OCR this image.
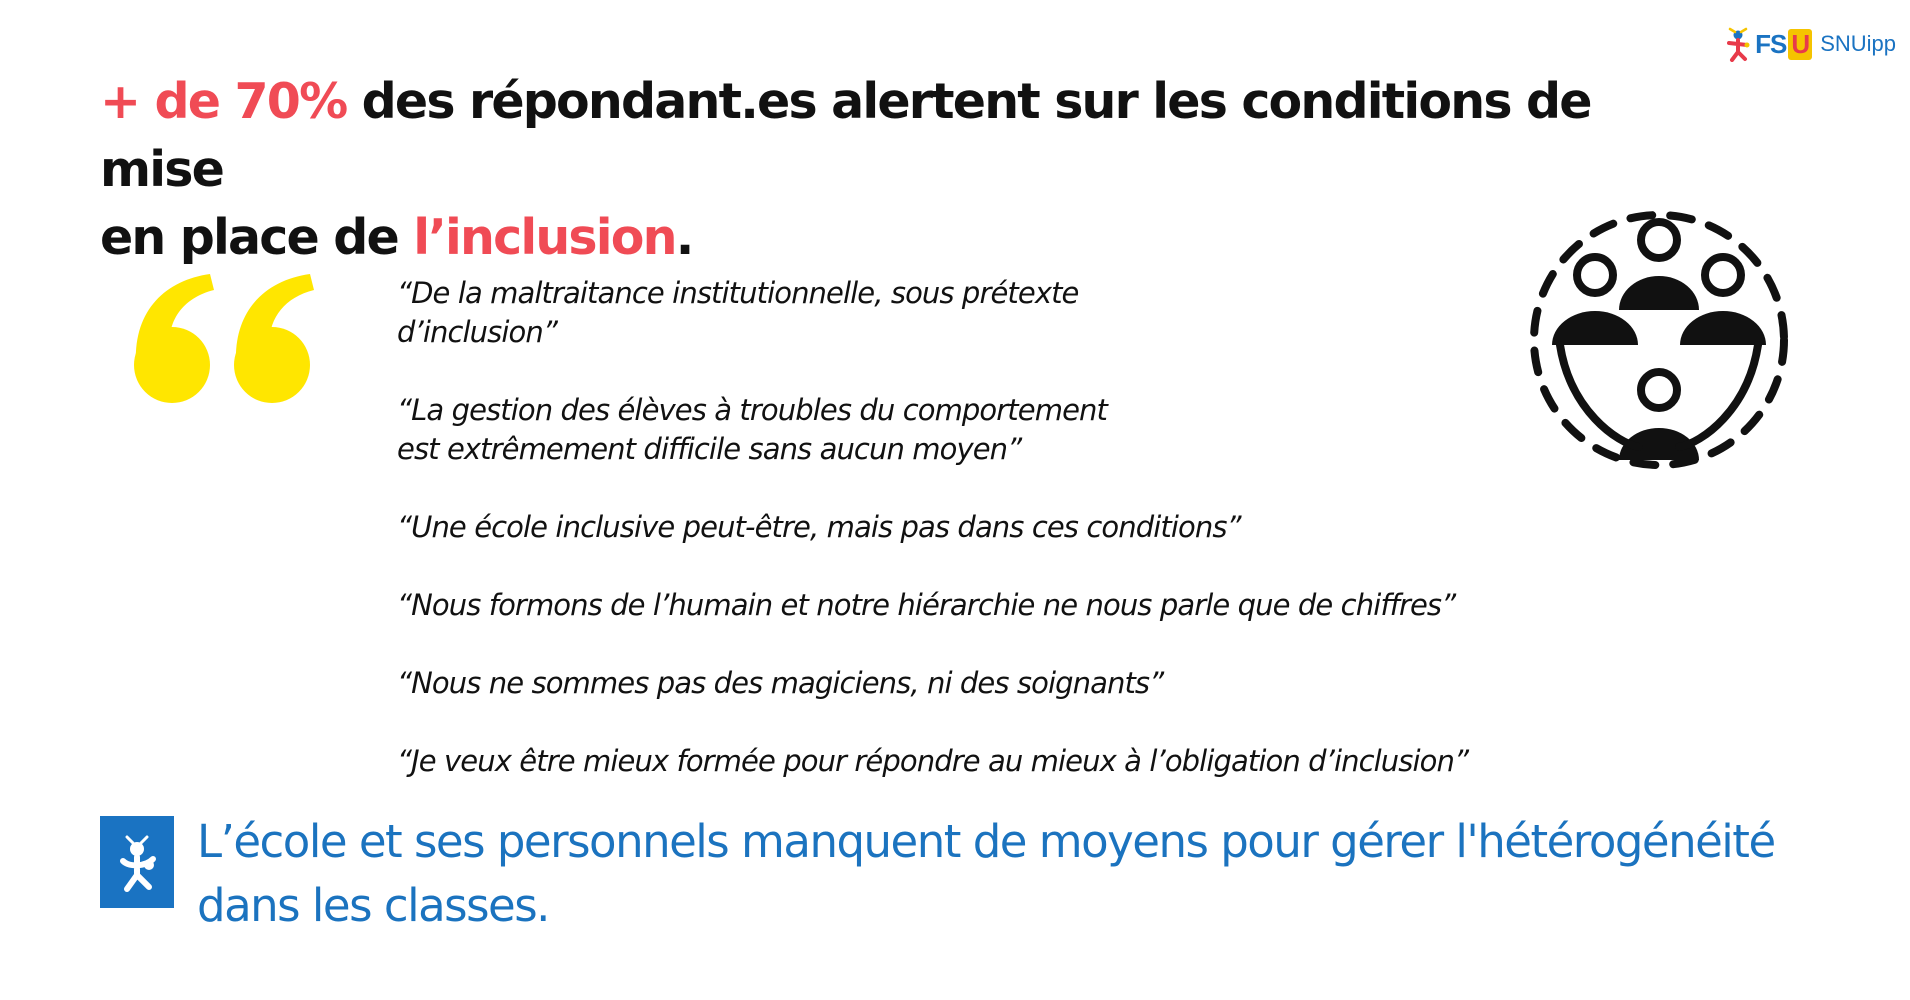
FS U SNUipp
+ de 70% des répondant.es alertent sur les conditions de mise
en place de l’inclusion.

“De la maltraitance institutionnelle, sous prétexte
d’inclusion”

“La gestion des élèves à troubles du comportement
est extrêmement difficile sans aucun moyen”

“Une école inclusive peut-être, mais pas dans ces conditions”

“Nous formons de l’humain et notre hiérarchie ne nous parle que de chiffres”

“Nous ne sommes pas des magiciens, ni des soignants”

“Je veux être mieux formée pour répondre au mieux à l’obligation d’inclusion”

L’école et ses personnels manquent de moyens pour gérer l'hétérogénéité dans les classes.
